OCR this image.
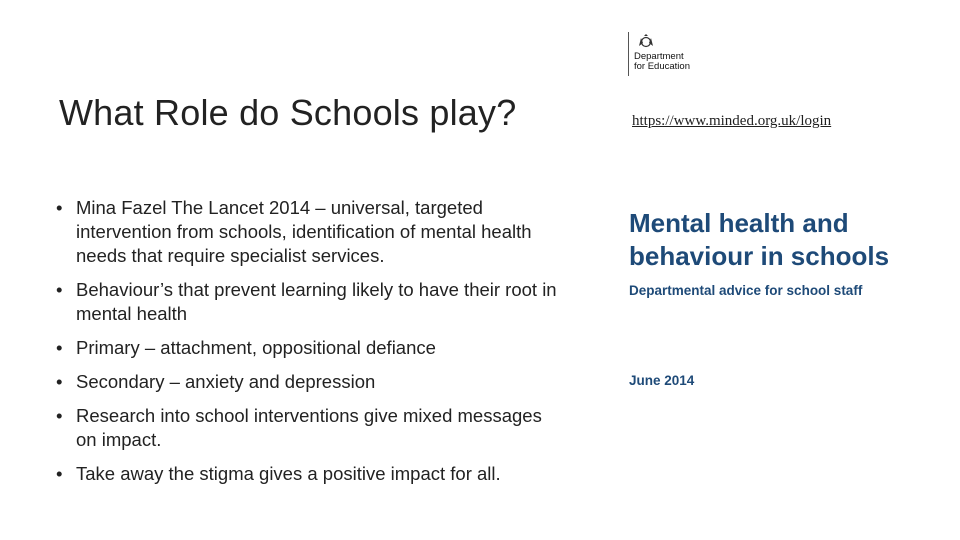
What Role do Schools play?
• Mina Fazel The Lancet 2014 – universal, targeted intervention from schools, identification of mental health needs that require specialist services.
• Behaviour’s that prevent learning likely to have their root in mental health
• Primary – attachment, oppositional defiance
• Secondary – anxiety and depression
• Research into school interventions give mixed messages on impact.
• Take away the stigma gives a positive impact for all.
Department
for Education
https://www.minded.org.uk/login
Mental health and
behaviour in schools
Departmental advice for school staff
June 2014
